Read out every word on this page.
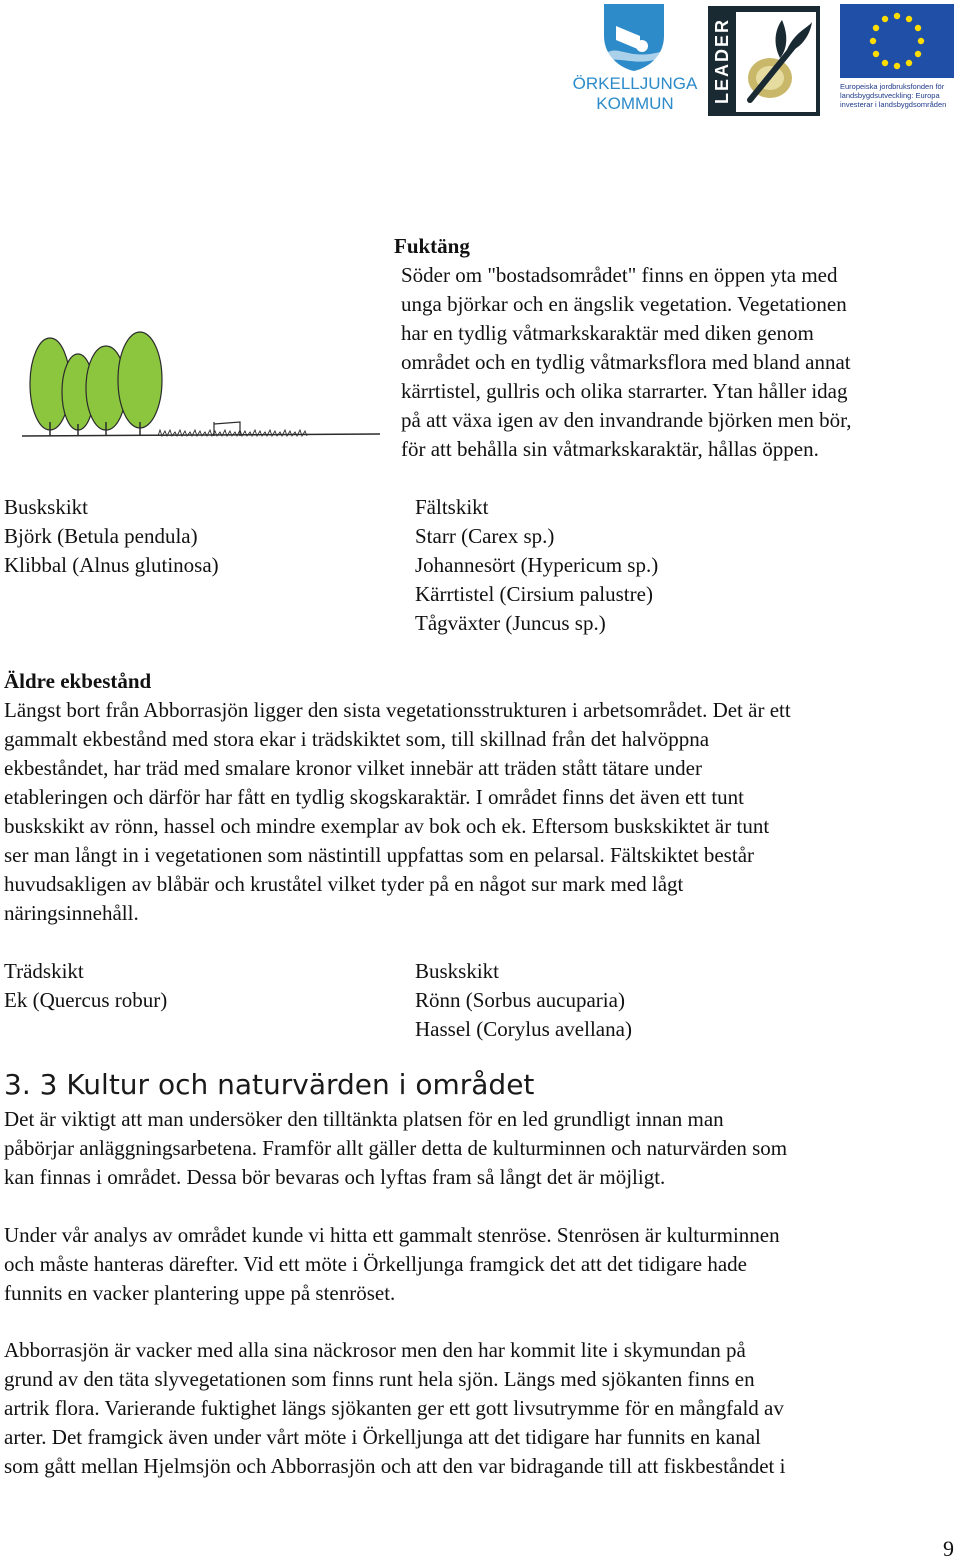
ÖRKELLJUNGA
KOMMUN	LEADER	Europeiska jordbruksfonden för
landsbygdsutveckling: Europa
investerar i landsbygdsområden
Fuktäng
Söder om "bostadsområdet" finns en öppen yta med
unga björkar och en ängslik vegetation. Vegetationen
har en tydlig våtmarkskaraktär med diken genom
området och en tydlig våtmarksflora med bland annat
kärrtistel, gullris och olika starrarter. Ytan håller idag
på att växa igen av den invandrande björken men bör,
för att behålla sin våtmarkskaraktär, hållas öppen.
Buskskikt
Björk (Betula pendula)
Klibbal (Alnus glutinosa)
Fältskikt
Starr (Carex sp.)
Johannesört (Hypericum sp.)
Kärrtistel (Cirsium palustre)
Tågväxter (Juncus sp.)
Äldre ekbestånd
Längst bort från Abborrasjön ligger den sista vegetationsstrukturen i arbetsområdet. Det är ett
gammalt ekbestånd med stora ekar i trädskiktet som, till skillnad från det halvöppna
ekbeståndet, har träd med smalare kronor vilket innebär att träden stått tätare under
etableringen och därför har fått en tydlig skogskaraktär. I området finns det även ett tunt
buskskikt av rönn, hassel och mindre exemplar av bok och ek. Eftersom buskskiktet är tunt
ser man långt in i vegetationen som nästintill uppfattas som en pelarsal. Fältskiktet består
huvudsakligen av blåbär och kruståtel vilket tyder på en något sur mark med lågt
näringsinnehåll.
Trädskikt
Ek (Quercus robur)
Buskskikt
Rönn (Sorbus aucuparia)
Hassel (Corylus avellana)
3. 3 Kultur och naturvärden i området
Det är viktigt att man undersöker den tilltänkta platsen för en led grundligt innan man
påbörjar anläggningsarbetena. Framför allt gäller detta de kulturminnen och naturvärden som
kan finnas i området. Dessa bör bevaras och lyftas fram så långt det är möjligt.
Under vår analys av området kunde vi hitta ett gammalt stenröse. Stenrösen är kulturminnen
och måste hanteras därefter. Vid ett möte i Örkelljunga framgick det att det tidigare hade
funnits en vacker plantering uppe på stenröset.
Abborrasjön är vacker med alla sina näckrosor men den har kommit lite i skymundan på
grund av den täta slyvegetationen som finns runt hela sjön. Längs med sjökanten finns en
artrik flora. Varierande fuktighet längs sjökanten ger ett gott livsutrymme för en mångfald av
arter. Det framgick även under vårt möte i Örkelljunga att det tidigare har funnits en kanal
som gått mellan Hjelmsjön och Abborrasjön och att den var bidragande till att fiskbeståndet i
9
